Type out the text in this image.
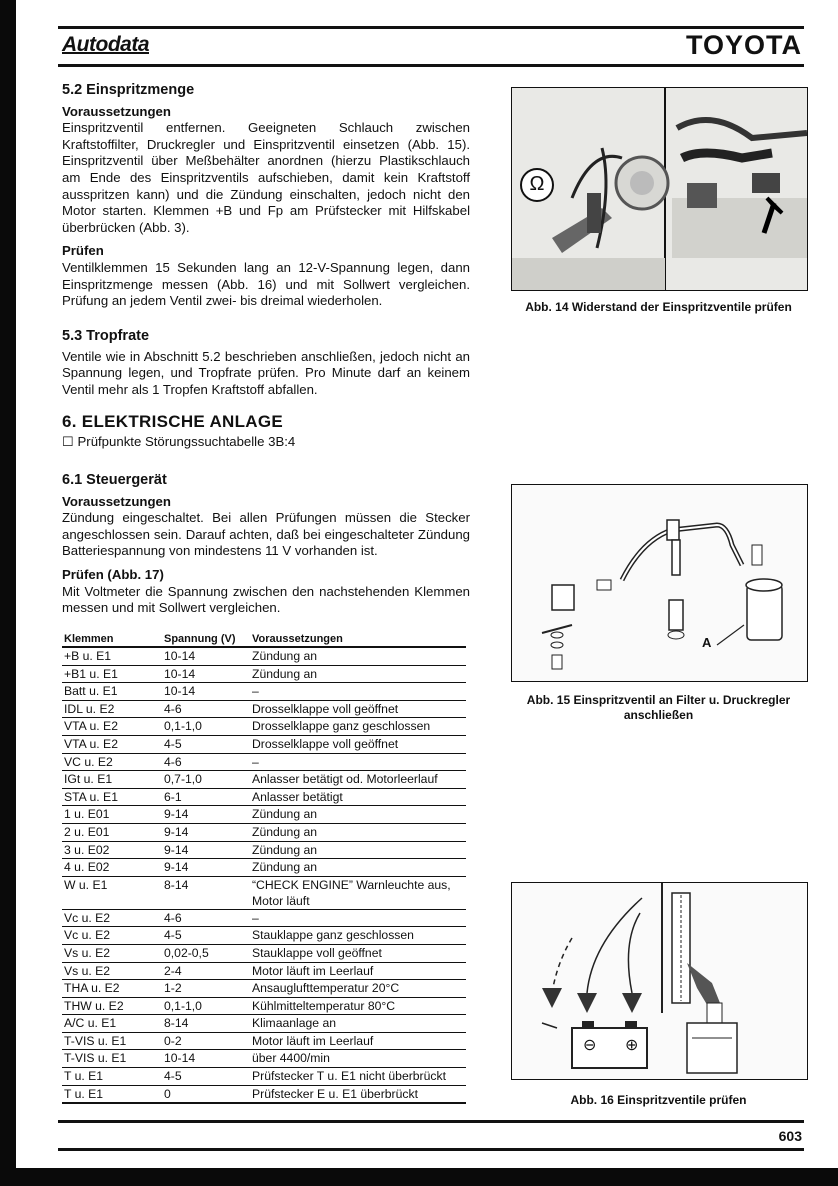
Autodata	TOYOTA
5.2 Einspritzmenge
Voraussetzungen

Einspritzventil entfernen. Geeigneten Schlauch zwischen Kraftstoffilter, Druckregler und Einspritzventil einsetzen (Abb. 15). Einspritzventil über Meßbehälter anordnen (hierzu Plastikschlauch am Ende des Einspritzventils aufschieben, damit kein Kraftstoff ausspritzen kann) und die Zündung einschalten, jedoch nicht den Motor starten. Klemmen +B und Fp am Prüfstecker mit Hilfskabel überbrücken (Abb. 3).

Prüfen

Ventilklemmen 15 Sekunden lang an 12-V-Spannung legen, dann Einspritzmenge messen (Abb. 16) und mit Sollwert vergleichen. Prüfung an jedem Ventil zwei- bis dreimal wiederholen.

5.3 Tropfrate

Ventile wie in Abschnitt 5.2 beschrieben anschließen, jedoch nicht an Spannung legen, und Tropfrate prüfen. Pro Minute darf an keinem Ventil mehr als 1 Tropfen Kraftstoff abfallen.

6. ELEKTRISCHE ANLAGE

☐ Prüfpunkte Störungssuchtabelle 3B:4

6.1 Steuergerät
Voraussetzungen

Zündung eingeschaltet. Bei allen Prüfungen müssen die Stecker angeschlossen sein. Darauf achten, daß bei eingeschalteter Zündung Batteriespannung von mindestens 11 V vorhanden ist.

Prüfen (Abb. 17)

Mit Voltmeter die Spannung zwischen den nachstehenden Klemmen messen und mit Sollwert vergleichen.

Klemmen	Spannung (V)	Voraussetzungen
+B u. E1	10-14	Zündung an
+B1 u. E1	10-14	Zündung an
Batt u. E1	10-14	–
IDL u. E2	4-6	Drosselklappe voll geöffnet
VTA u. E2	0,1-1,0	Drosselklappe ganz geschlossen
VTA u. E2	4-5	Drosselklappe voll geöffnet
VC u. E2	4-6	–
IGt u. E1	0,7-1,0	Anlasser betätigt od. Motorleerlauf
STA u. E1	6-1	Anlasser betätigt
1 u. E01	9-14	Zündung an
2 u. E01	9-14	Zündung an
3 u. E02	9-14	Zündung an
4 u. E02	9-14	Zündung an
W u. E1	8-14	“CHECK ENGINE” Warnleuchte aus, Motor läuft
Vc u. E2	4-6	–
Vc u. E2	4-5	Stauklappe ganz geschlossen
Vs u. E2	0,02-0,5	Stauklappe voll geöffnet
Vs u. E2	2-4	Motor läuft im Leerlauf
THA u. E2	1-2	Ansauglufttemperatur 20°C
THW u. E2	0,1-1,0	Kühlmitteltemperatur 80°C
A/C u. E1	8-14	Klimaanlage an
T-VIS u. E1	0-2	Motor läuft im Leerlauf
T-VIS u. E1	10-14	über 4400/min
T u. E1	4-5	Prüfstecker T u. E1 nicht überbrückt
T u. E1	0	Prüfstecker E u. E1 überbrückt
Ω
Abb. 14 Widerstand der Einspritzventile prüfen
A
Abb. 15 Einspritzventil an Filter u. Druckregler anschließen
⊖ ⊕
Abb. 16 Einspritzventile prüfen
603
